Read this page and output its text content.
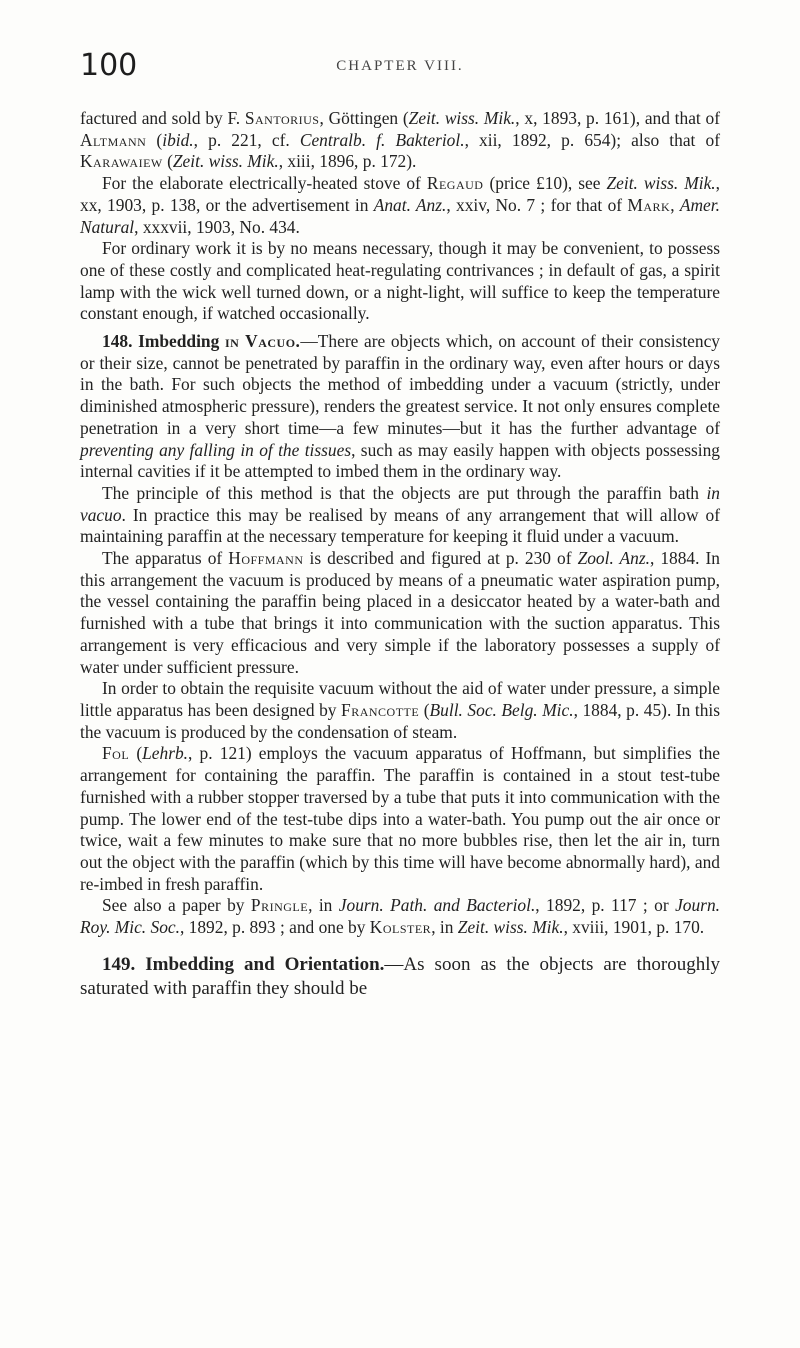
100	CHAPTER VIII.

factured and sold by F. Santorius, Göttingen (Zeit. wiss. Mik., x, 1893, p. 161), and that of Altmann (ibid., p. 221, cf. Centralb. f. Bakteriol., xii, 1892, p. 654); also that of Karawaiew (Zeit. wiss. Mik., xiii, 1896, p. 172).

For the elaborate electrically-heated stove of Regaud (price £10), see Zeit. wiss. Mik., xx, 1903, p. 138, or the advertisement in Anat. Anz., xxiv, No. 7 ; for that of Mark, Amer. Natural, xxxvii, 1903, No. 434.

For ordinary work it is by no means necessary, though it may be convenient, to possess one of these costly and complicated heat-regulating contrivances ; in default of gas, a spirit lamp with the wick well turned down, or a night-light, will suffice to keep the temperature constant enough, if watched occasionally.

148. Imbedding in Vacuo.—There are objects which, on account of their consistency or their size, cannot be penetrated by paraffin in the ordinary way, even after hours or days in the bath. For such objects the method of imbedding under a vacuum (strictly, under diminished atmospheric pressure), renders the greatest service. It not only ensures complete penetration in a very short time—a few minutes—but it has the further advantage of preventing any falling in of the tissues, such as may easily happen with objects possessing internal cavities if it be attempted to imbed them in the ordinary way.

The principle of this method is that the objects are put through the paraffin bath in vacuo. In practice this may be realised by means of any arrangement that will allow of maintaining paraffin at the necessary temperature for keeping it fluid under a vacuum.

The apparatus of Hoffmann is described and figured at p. 230 of Zool. Anz., 1884. In this arrangement the vacuum is produced by means of a pneumatic water aspiration pump, the vessel containing the paraffin being placed in a desiccator heated by a water-bath and furnished with a tube that brings it into communication with the suction apparatus. This arrangement is very efficacious and very simple if the laboratory possesses a supply of water under sufficient pressure.

In order to obtain the requisite vacuum without the aid of water under pressure, a simple little apparatus has been designed by Francotte (Bull. Soc. Belg. Mic., 1884, p. 45). In this the vacuum is produced by the condensation of steam.

Fol (Lehrb., p. 121) employs the vacuum apparatus of Hoffmann, but simplifies the arrangement for containing the paraffin. The paraffin is contained in a stout test-tube furnished with a rubber stopper traversed by a tube that puts it into communication with the pump. The lower end of the test-tube dips into a water-bath. You pump out the air once or twice, wait a few minutes to make sure that no more bubbles rise, then let the air in, turn out the object with the paraffin (which by this time will have become abnormally hard), and re-imbed in fresh paraffin.

See also a paper by Pringle, in Journ. Path. and Bacteriol., 1892, p. 117 ; or Journ. Roy. Mic. Soc., 1892, p. 893 ; and one by Kolster, in Zeit. wiss. Mik., xviii, 1901, p. 170.

149. Imbedding and Orientation.—As soon as the objects are thoroughly saturated with paraffin they should be
